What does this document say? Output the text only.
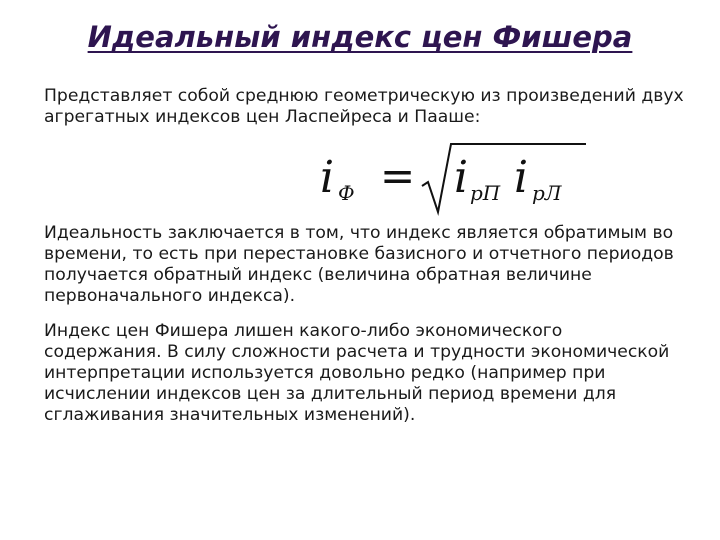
Идеальный индекс цен Фишера

Представляет собой среднюю геометрическую из произведений двух агрегатных индексов цен Ласпейреса и Пааше:

i Ф = i pП i pЛ

Идеальность заключается в том, что индекс является обратимым во времени, то есть при перестановке базисного и отчетного периодов получается обратный индекс (величина обратная величине первоначального индекса).

Индекс цен Фишера лишен какого-либо экономического содержания. В силу сложности расчета и трудности экономической интерпретации используется довольно редко (например при исчислении индексов цен за длительный период времени для сглаживания значительных изменений).
